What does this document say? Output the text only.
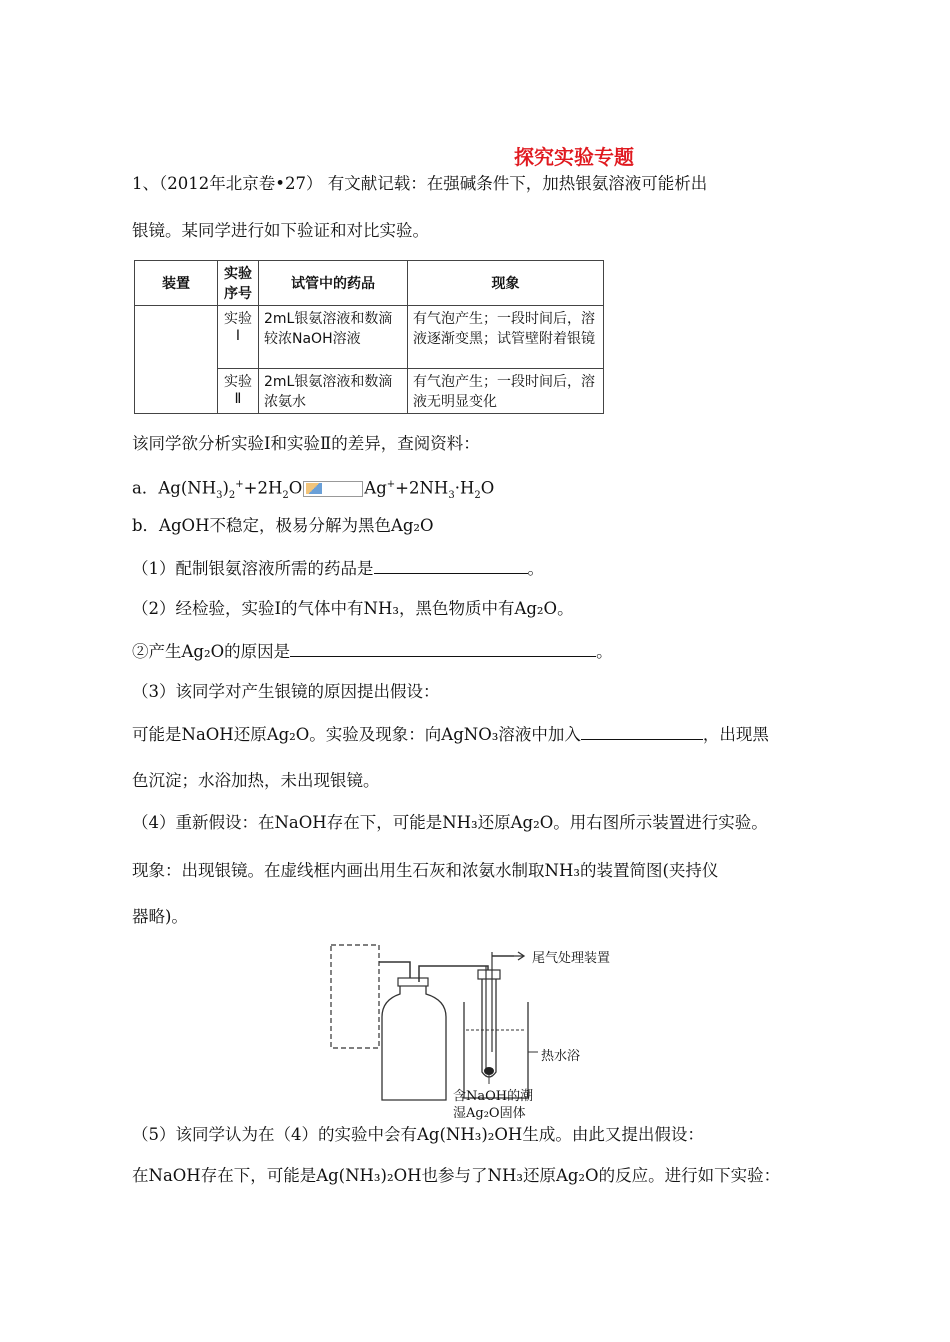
探究实验专题
1、（2012年北京卷•27） 有文献记载：在强碱条件下，加热银氨溶液可能析出
银镜。某同学进行如下验证和对比实验。
装置	实验序号	试管中的药品	现象
	实验Ⅰ	2mL银氨溶液和数滴较浓NaOH溶液	有气泡产生；一段时间后，溶液逐渐变黑；试管壁附着银镜
	实验Ⅱ	2mL银氨溶液和数滴浓氨水	有气泡产生；一段时间后，溶液无明显变化
该同学欲分析实验Ⅰ和实验Ⅱ的差异，查阅资料：
a．$Ag(NH_3)_2^++2H_2O$	$Ag^++2NH_3\cdot H_2O$
b．AgOH不稳定，极易分解为黑色Ag₂O
（1）配制银氨溶液所需的药品是	。
（2）经检验，实验Ⅰ的气体中有NH₃，黑色物质中有Ag₂O。
②产生Ag₂O的原因是	。
（3）该同学对产生银镜的原因提出假设：
可能是NaOH还原Ag₂O。实验及现象：向AgNO₃溶液中加入	，出现黑
色沉淀；水浴加热，未出现银镜。
（4）重新假设：在NaOH存在下，可能是NH₃还原Ag₂O。用右图所示装置进行实验。
现象：出现银镜。在虚线框内画出用生石灰和浓氨水制取NH₃的装置简图(夹持仪
器略)。
尾气处理装置
热水浴
含NaOH的潮
湿Ag₂O固体
（5）该同学认为在（4）的实验中会有Ag(NH₃)₂OH生成。由此又提出假设：
在NaOH存在下，可能是Ag(NH₃)₂OH也参与了NH₃还原Ag₂O的反应。进行如下实验：
